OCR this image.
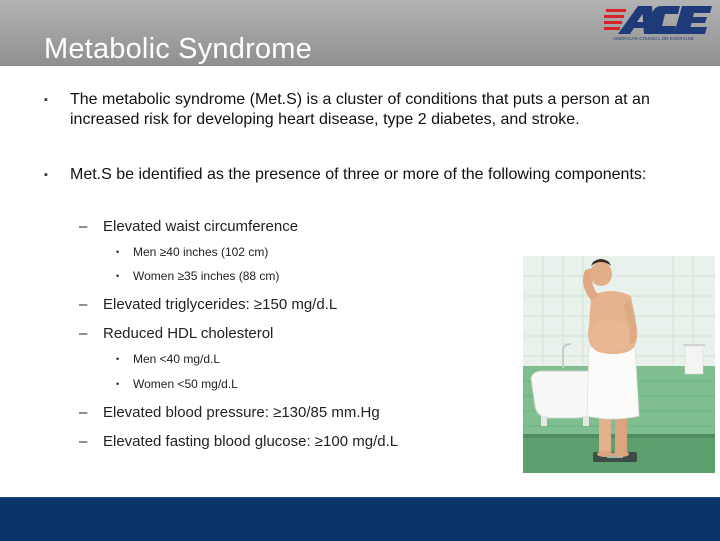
Metabolic Syndrome	AMERICAN COUNCIL ON EXERCISE
▪ The metabolic syndrome (Met.S) is a cluster of conditions that puts a person at an increased risk for developing heart disease, type 2 diabetes, and stroke.
▪ Met.S be identified as the presence of three or more of the following components:
– Elevated waist circumference
• Men ≥40 inches (102 cm)
• Women ≥35 inches (88 cm)
– Elevated triglycerides: ≥150 mg/d.L
– Reduced HDL cholesterol
• Men <40 mg/d.L
• Women <50 mg/d.L
– Elevated blood pressure: ≥130/85 mm.Hg
– Elevated fasting blood glucose: ≥100 mg/d.L
